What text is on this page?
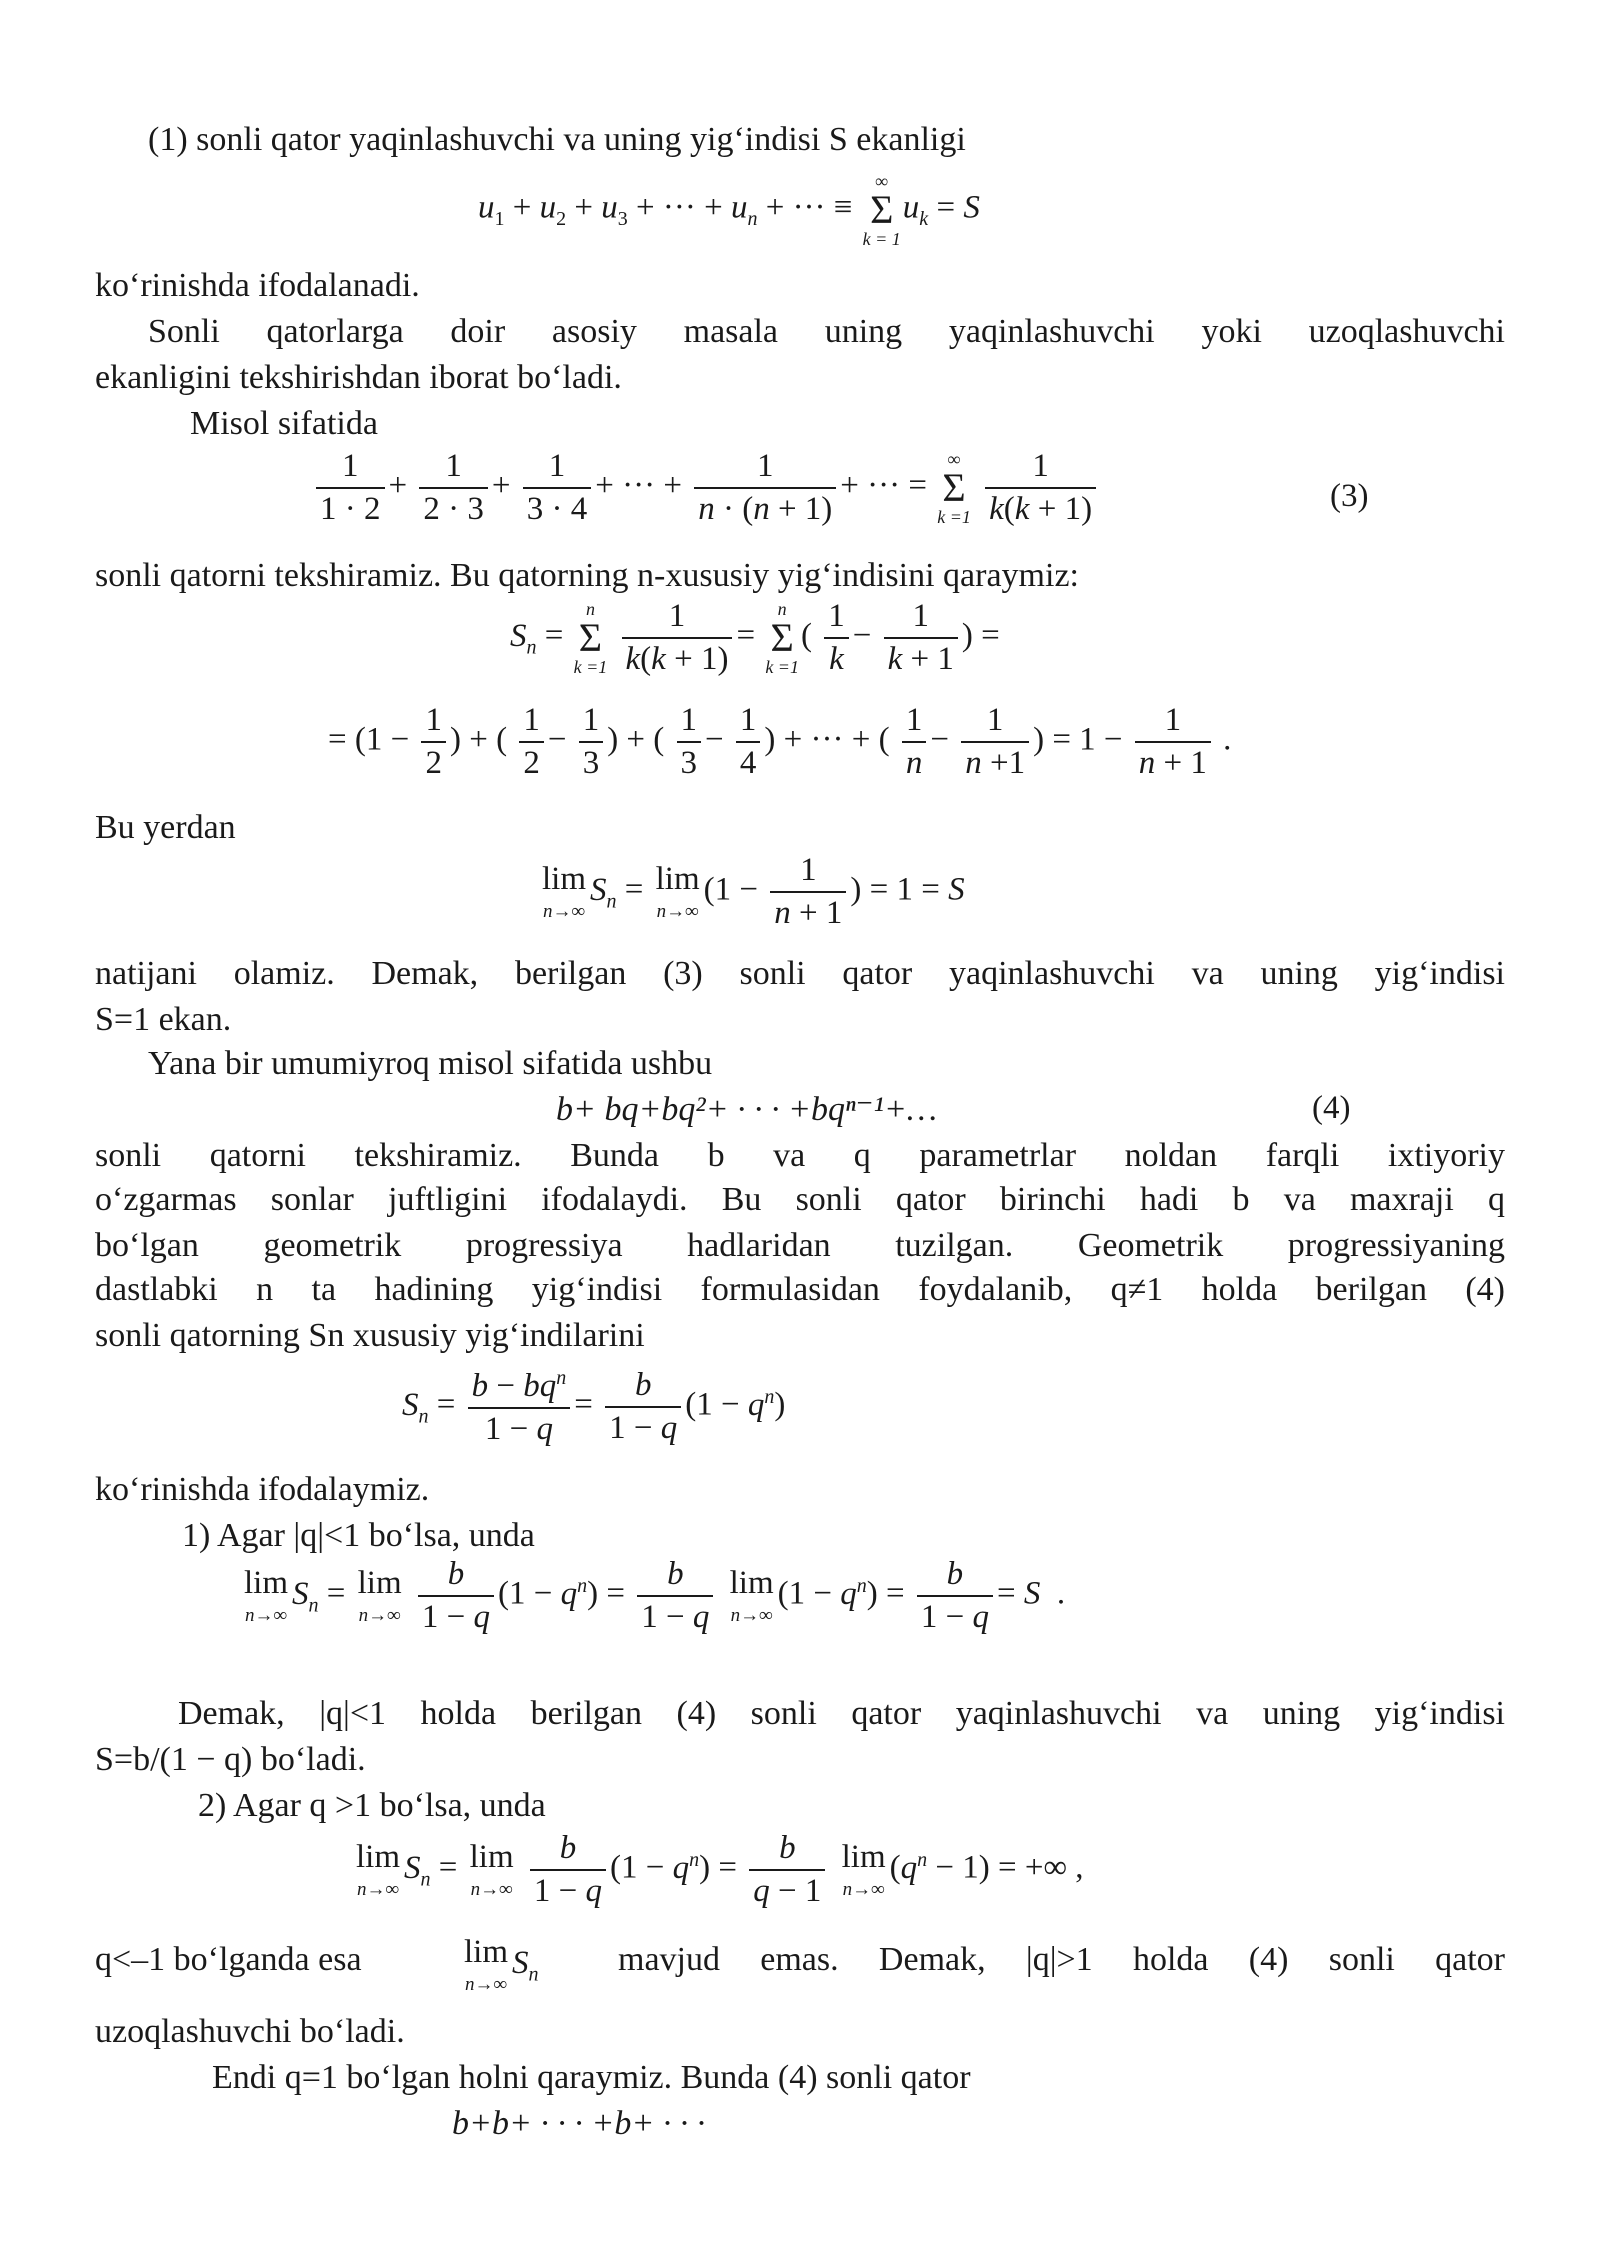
(1) sonli qator yaqinlashuvchi va uning yig‘indisi S ekanligi
$u_1 + u_2 + u_3$ + ··· + $u_n$ + ··· ≡
∞
Σ
k = 1
$u_k = S$
ko‘rinishda ifodalanadi.
Sonli qatorlarga doir asosiy masala uning yaqinlashuvchi yoki uzoqlashuvchi
ekanligini tekshirishdan iborat bo‘ladi.
Misol sifatida
$\frac{1}{1 \cdot 2} + \frac{1}{2 \cdot 3} + \frac{1}{3 \cdot 4}$ + ··· + $\frac{1}{n \cdot (n + 1)}$ + ··· =
∞
Σ
k =1
$\frac{1}{k(k + 1)}$	(3)
sonli qatorni tekshiramiz. Bu qatorning n-xususiy yig‘indisini qaraymiz:
$S_n$ =
n
Σ
k =1
$\frac{1}{k(k + 1)}$ =
n
Σ
k =1
( $\frac{1}{k} - \frac{1}{k + 1}$ ) =
= ($1 - \frac{1}{2}$ ) + ( $\frac{1}{2} - \frac{1}{3}$ ) + ( $\frac{1}{3} - \frac{1}{4}$ ) + ··· + ( $\frac{1}{n} - \frac{1}{n +1}$ ) = $1 - \frac{1}{n + 1}$ .
Bu yerdan
lim
n→∞
$S_n = \lim$
n→∞
($1 - \frac{1}{n + 1}$ ) = 1 = S
natijani olamiz. Demak, berilgan (3) sonli qator yaqinlashuvchi va uning yig‘indisi
S=1 ekan.
Yana bir umumiyroq misol sifatida ushbu
b+ bq+bq²+ · · · +bqⁿ⁻¹+…	(4)
sonli qatorni tekshiramiz. Bunda b va q parametrlar noldan farqli ixtiyoriy
o‘zgarmas sonlar juftligini ifodalaydi. Bu sonli qator birinchi hadi b va maxraji q
bo‘lgan geometrik progressiya hadlaridan tuzilgan. Geometrik progressiyaning
dastlabki n ta hadining yig‘indisi formulasidan foydalanib, q≠1 holda berilgan (4)
sonli qatorning Sn xususiy yig‘indilarini
$S_n = \frac{b - bq^n}{1 - q} = \frac{b}{1 - q} (1 - q^n)$
ko‘rinishda ifodalaymiz.
1) Agar |q|<1 bo‘lsa, unda
lim
n→∞
$S_n = \lim$
n→∞
$\frac{b}{1 - q} (1 - q^n) = \frac{b}{1 - q}$
lim
n→∞
$(1 - q^n) = \frac{b}{1 - q} = S$  .
Demak, |q|<1 holda berilgan (4) sonli qator yaqinlashuvchi va uning yig‘indisi
S=b/(1 − q) bo‘ladi.
2) Agar q >1 bo‘lsa, unda
lim
n→∞
$S_n = \lim$
n→∞
$\frac{b}{1 - q} (1 - q^n) = \frac{b}{q - 1}$
lim
n→∞
$(q^n - 1)$ = +∞ ,
q<–1 bo‘lganda esa	lim
n→∞
$S_n$ mavjud emas. Demak, |q|>1 holda (4) sonli qator
uzoqlashuvchi bo‘ladi.
Endi q=1 bo‘lgan holni qaraymiz. Bunda (4) sonli qator
b+b+ · · · +b+ · · ·
